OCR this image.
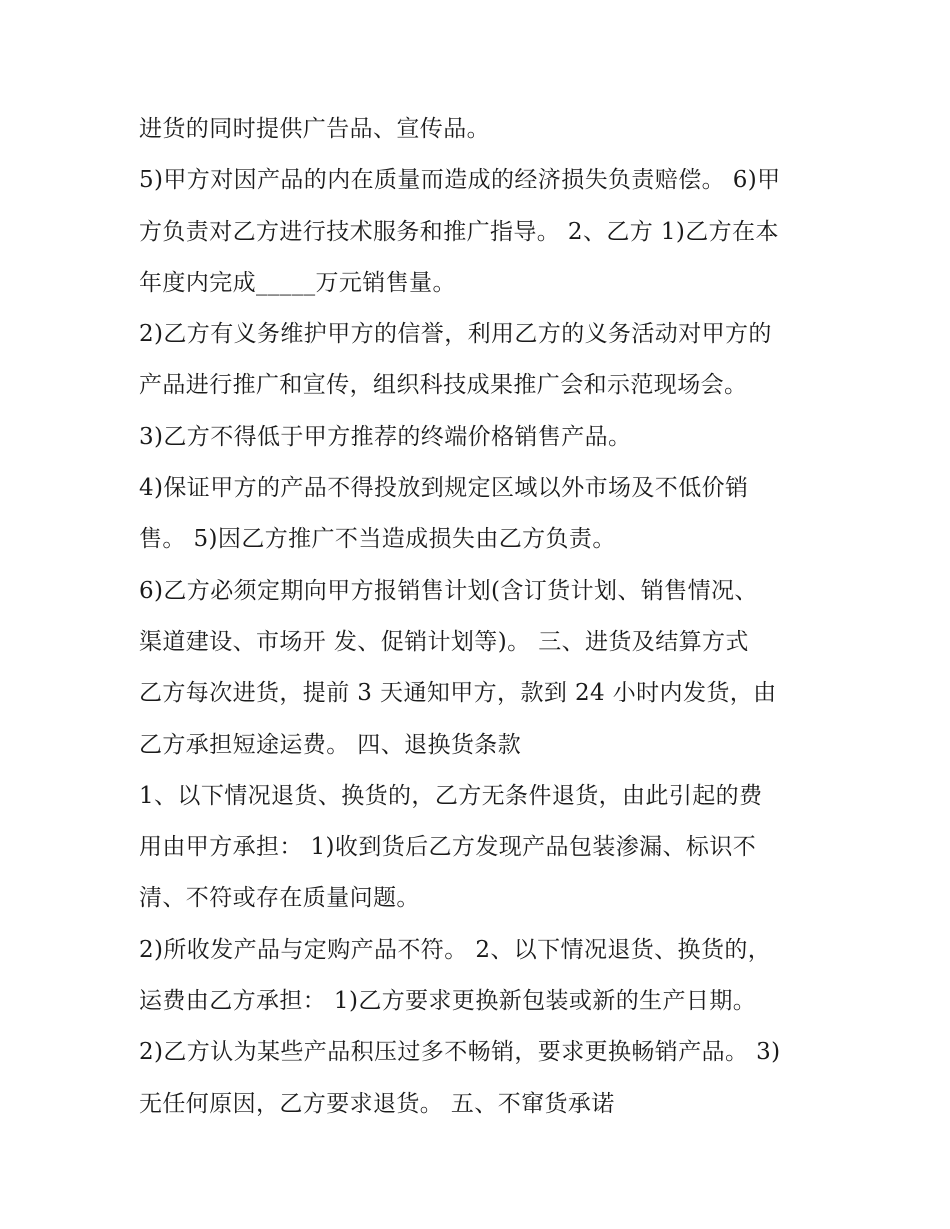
进货的同时提供广告品、宣传品。
5)甲方对因产品的内在质量而造成的经济损失负责赔偿。 6)甲
方负责对乙方进行技术服务和推广指导。 2、乙方 1)乙方在本
年度内完成_____万元销售量。
2)乙方有义务维护甲方的信誉，利用乙方的义务活动对甲方的
产品进行推广和宣传，组织科技成果推广会和示范现场会。
3)乙方不得低于甲方推荐的终端价格销售产品。
4)保证甲方的产品不得投放到规定区域以外市场及不低价销
售。 5)因乙方推广不当造成损失由乙方负责。
6)乙方必须定期向甲方报销售计划(含订货计划、销售情况、
渠道建设、市场开 发、促销计划等)。 三、进货及结算方式
乙方每次进货，提前 3 天通知甲方，款到 24 小时内发货，由
乙方承担短途运费。 四、退换货条款
1、以下情况退货、换货的，乙方无条件退货，由此引起的费
用由甲方承担： 1)收到货后乙方发现产品包装渗漏、标识不
清、不符或存在质量问题。
2)所收发产品与定购产品不符。 2、以下情况退货、换货的，
运费由乙方承担： 1)乙方要求更换新包装或新的生产日期。
2)乙方认为某些产品积压过多不畅销，要求更换畅销产品。 3)
无任何原因，乙方要求退货。 五、不窜货承诺
